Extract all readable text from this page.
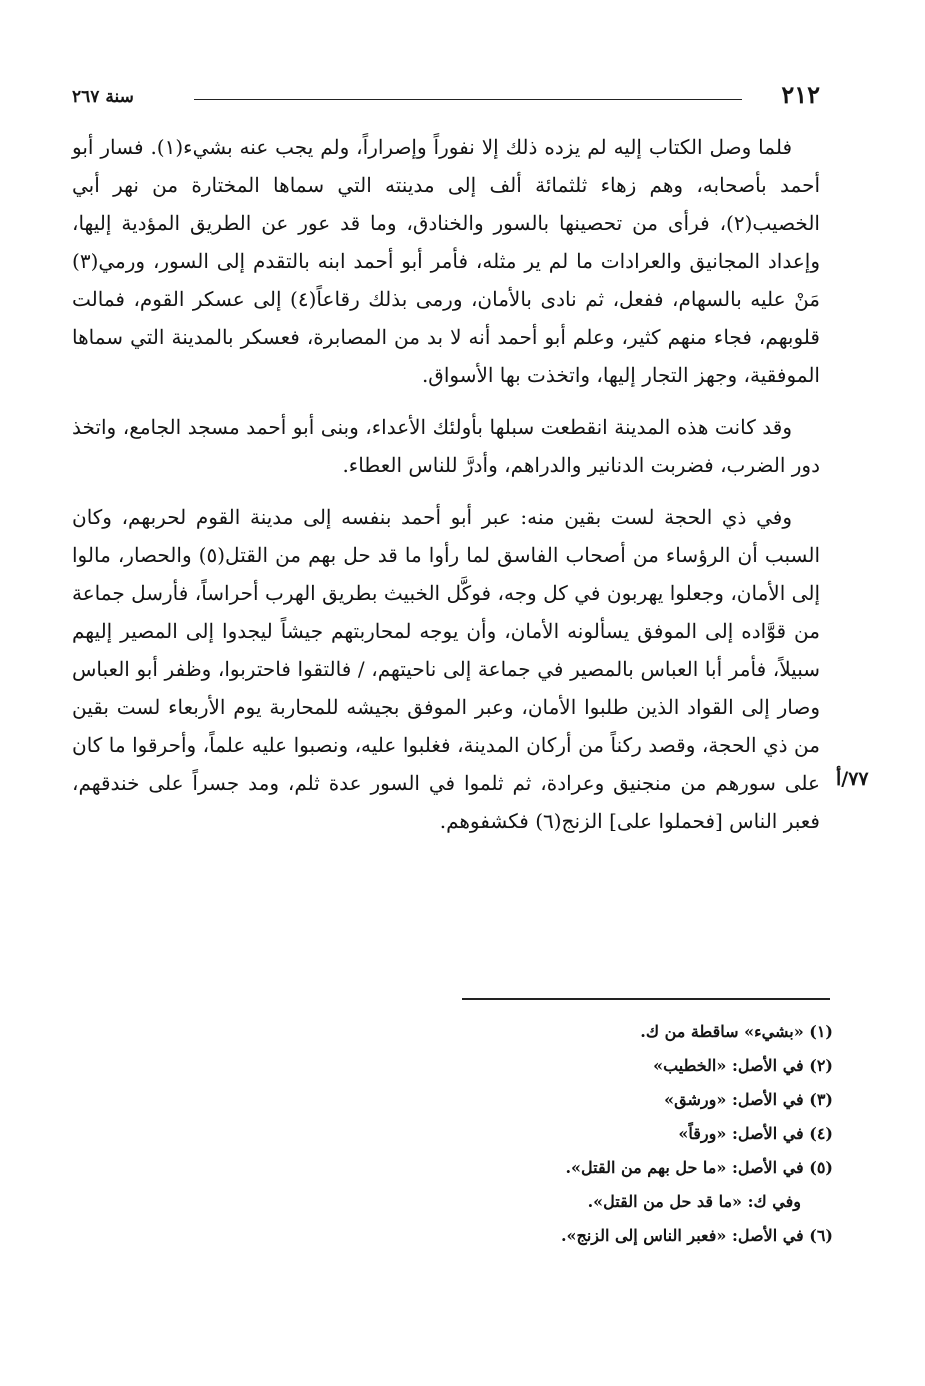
٢١٢
سنة ٢٦٧

فلما وصل الكتاب إليه لم يزده ذلك إلا نفوراً وإصراراً، ولم يجب عنه بشيء(١). فسار أبو أحمد بأصحابه، وهم زهاء ثلثمائة ألف إلى مدينته التي سماها المختارة من نهر أبي الخصيب(٢)، فرأى من تحصينها بالسور والخنادق، وما قد عور عن الطريق المؤدية إليها، وإعداد المجانيق والعرادات ما لم ير مثله، فأمر أبو أحمد ابنه بالتقدم إلى السور، ورمي(٣) مَنْ عليه بالسهام، ففعل، ثم نادى بالأمان، ورمى بذلك رقاعاً(٤) إلى عسكر القوم، فمالت قلوبهم، فجاء منهم كثير، وعلم أبو أحمد أنه لا بد من المصابرة، فعسكر بالمدينة التي سماها الموفقية، وجهز التجار إليها، واتخذت بها الأسواق.

وقد كانت هذه المدينة انقطعت سبلها بأولئك الأعداء، وبنى أبو أحمد مسجد الجامع، واتخذ دور الضرب، فضربت الدنانير والدراهم، وأدرَّ للناس العطاء.

وفي ذي الحجة لست بقين منه: عبر أبو أحمد بنفسه إلى مدينة القوم لحربهم، وكان السبب أن الرؤساء من أصحاب الفاسق لما رأوا ما قد حل بهم من القتل(٥) والحصار، مالوا إلى الأمان، وجعلوا يهربون في كل وجه، فوكَّل الخبيث بطريق الهرب أحراساً، فأرسل جماعة من قوَّاده إلى الموفق يسألونه الأمان، وأن يوجه لمحاربتهم جيشاً ليجدوا إلى المصير إليهم سبيلاً، فأمر أبا العباس بالمصير في جماعة إلى ناحيتهم، / فالتقوا فاحتربوا، وظفر أبو العباس وصار إلى القواد الذين طلبوا الأمان، وعبر الموفق بجيشه للمحاربة يوم الأربعاء لست بقين من ذي الحجة، وقصد ركناً من أركان المدينة، فغلبوا عليه، ونصبوا عليه علماً، وأحرقوا ما كان على سورهم من منجنيق وعرادة، ثم ثلموا في السور عدة ثلم، ومد جسراً على خندقهم، فعبر الناس [فحملوا على] الزنج(٦) فكشفوهم.

٧٧/أ
(١) «بشيء» ساقطة من ك.
(٢) في الأصل: «الخطيب»
(٣) في الأصل: «ورشق»
(٤) في الأصل: «ورقاً»
(٥) في الأصل: «ما حل بهم من القتل».
وفي ك: «ما قد حل من القتل».
(٦) في الأصل: «فعبر الناس إلى الزنج».
